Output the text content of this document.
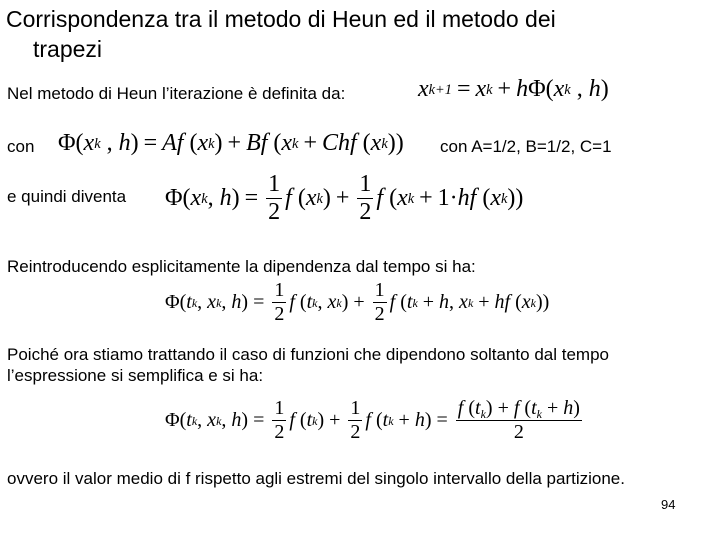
Corrispondenza tra il metodo di Heun ed il metodo dei
trapezi
Nel metodo di Heun l’iterazione è definita da:	x k+1 = x k + h Φ( x k , h )
con Φ( x k , h ) = Af ( x k ) + Bf ( x k + Chf ( x k )) con A=1/2, B=1/2, C=1
e quindi diventa Φ( x k , h ) = $\frac{1}{2}$ f ( x k ) + $\frac{1}{2}$ f ( x k + 1· hf ( x k ))
Reintroducendo esplicitamente la dipendenza dal tempo si ha:
Φ( t k , x k , h ) = $\frac{1}{2}$ f ( t k , x k ) + $\frac{1}{2}$ f ( t k + h , x k + hf ( x k ))
Poiché ora stiamo trattando il caso di funzioni che dipendono soltanto dal tempo l’espressione si semplifica e si ha:
Φ( t k , x k , h ) = $\frac{1}{2}$ f ( t k ) + $\frac{1}{2}$ f ( t k + h ) = $\frac{f (t_k) + f (t_k + h)}{2}$
ovvero il valor medio di f rispetto agli estremi del singolo intervallo della partizione.
94
